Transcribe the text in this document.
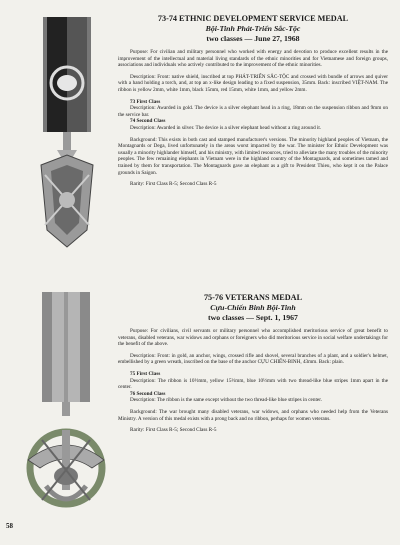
73-74 ETHNIC DEVELOPMENT SERVICE MEDAL
Bội-Tinh Phát-Triển Sắc-Tộc
two classes — June 27, 1968

Purpose: For civilian and military personnel who worked with energy and devotion to produce excellent results in the improvement of the intellectual and material living standards of the ethnic minorities and for Vietnamese and foreign groups, associations and individuals who actively contributed to the improvement of the ethnic minorities.

Description: Front: native shield, inscribed at top PHÁT-TRIỂN SẮC-TỘC and crossed with bundle of arrows and quiver with a hand holding a torch, and, at top an x-like design leading to a fixed suspension, 35mm. Back: inscribed VIỆT-NAM. The ribbon is yellow 2mm, white 1mm, black 15mm, red 15mm, white 1mm, and yellow 2mm.

73 First Class

Description: Awarded in gold. The device is a silver elephant head in a ring, 18mm on the suspension ribbon and 9mm on the service bar.

74 Second Class

Description: Awarded in silver. The device is a silver elephant head without a ring around it.

Background: This exists in both cast and stamped manufacturer's versions. The minority highland peoples of Vietnam, the Montagnards or Dega, lived unfortunately in the areas worst impacted by the war. The minister for Ethnic Development was usually a minority highlander himself, and his ministry, with limited resources, tried to alleviate the many troubles of the minority peoples. The few remaining elephants in Vietnam were in the highland country of the Montagnards, and sometimes tamed and trained by them for transportation. The Montagnards gave an elephant as a gift to President Thieu, who kept it on the Palace grounds in Saigon.

Rarity: First Class R-5; Second Class R-5

75-76 VETERANS MEDAL
Cựu-Chiến Binh Bội-Tinh
two classes — Sept. 1, 1967

Purpose: For civilians, civil servants or military personnel who accomplished meritorious service of great benefit to veterans, disabled veterans, war widows and orphans or foreigners who did meritorious service in social welfare undertakings for the benefit of the above.

Description: Front: in gold, an anchor, wings, crossed rifle and shovel, several branches of a plant, and a soldier's helmet, embellished by a green wreath, inscribed on the base of the anchor CỰU CHIẾN-BINH, 43mm. Back: plain.

75 First Class

Description: The ribbon is 10½mm, yellow 15½mm, blue 10½mm with two thread-like blue stripes 1mm apart in the center.

76 Second Class

Description: The ribbon is the same except without the two thread-like blue stripes in center.

Background: The war brought many disabled veterans, war widows, and orphans who needed help from the Veterans Ministry. A version of this medal exists with a prong back and no ribbon, perhaps for women veterans.

Rarity: First Class R-5; Second Class R-5

58
